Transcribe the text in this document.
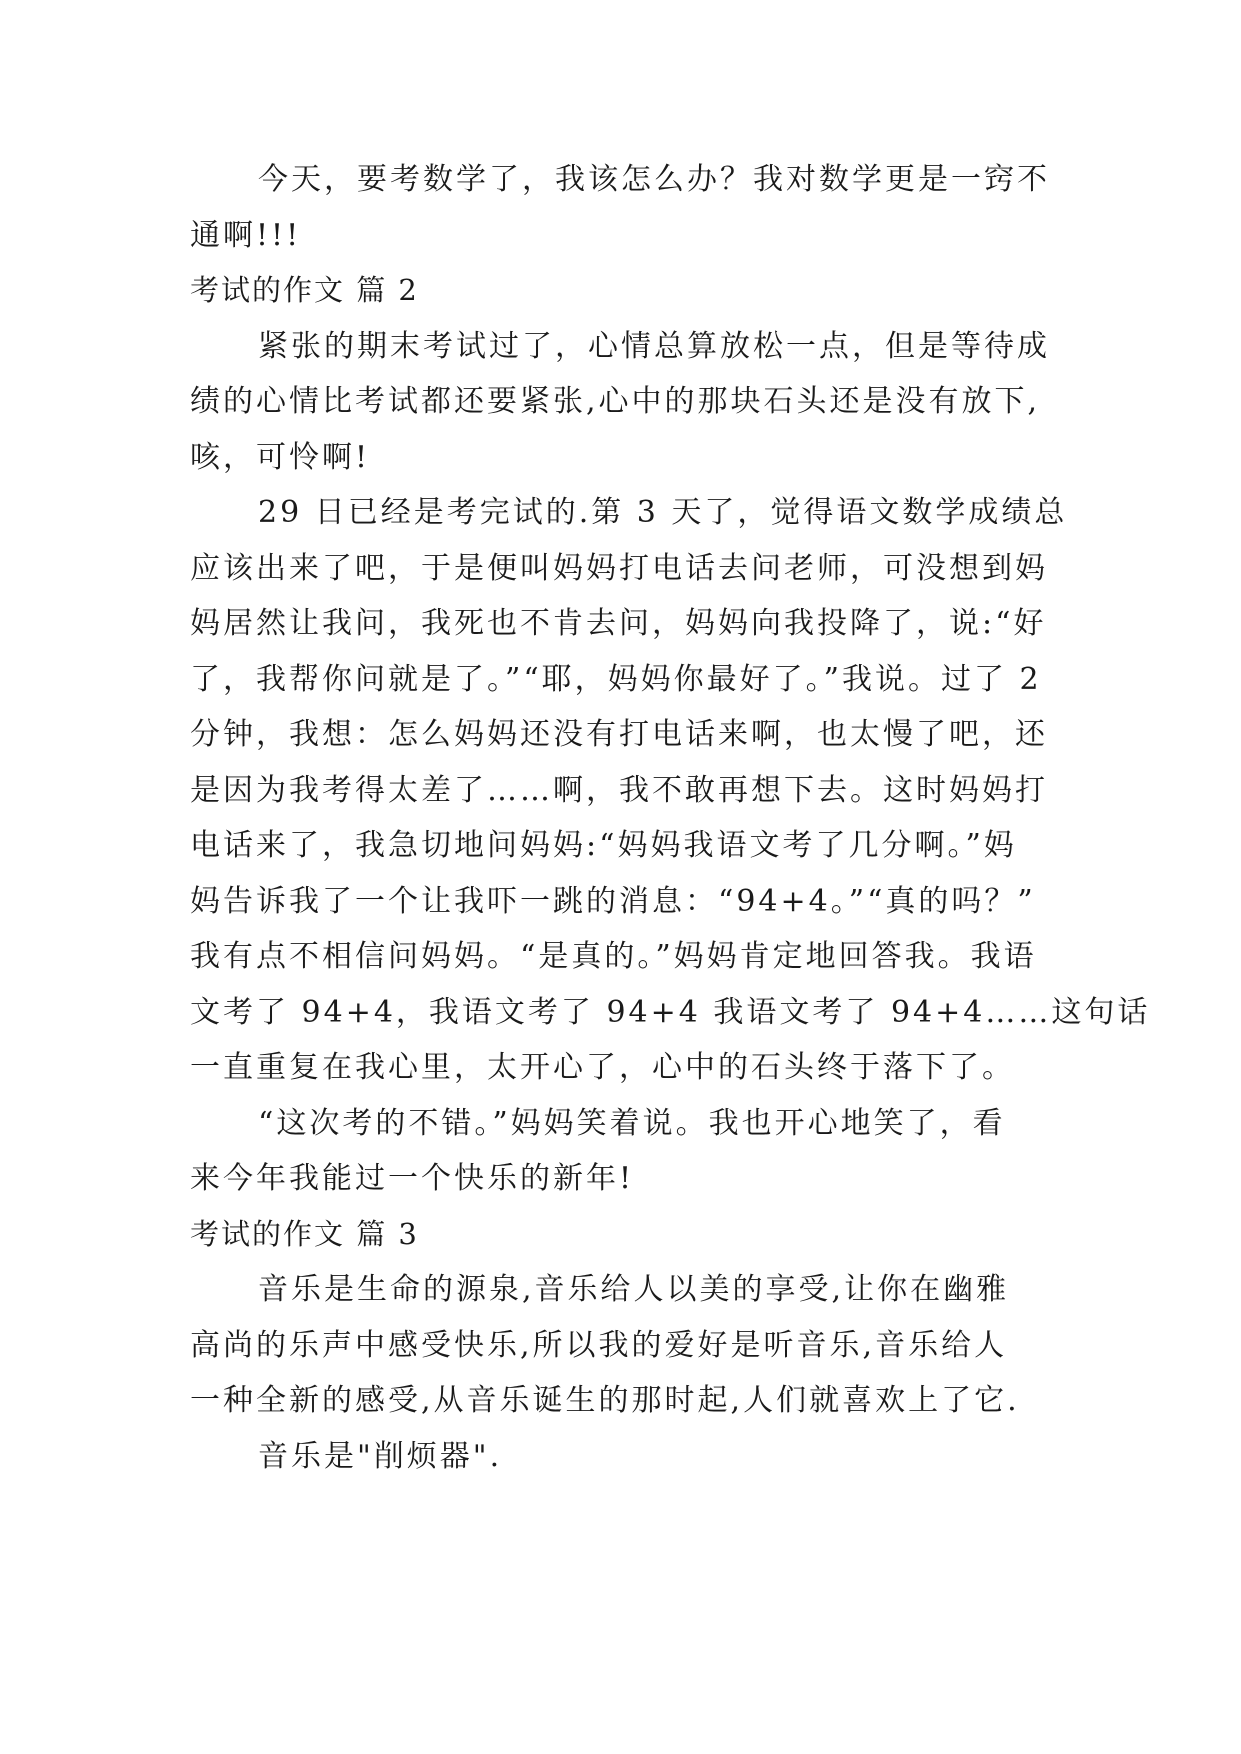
今天，要考数学了，我该怎么办？我对数学更是一窍不
通啊!!!
考试的作文 篇 2
紧张的期末考试过了，心情总算放松一点，但是等待成
绩的心情比考试都还要紧张,心中的那块石头还是没有放下,
咳，可怜啊!
29 日已经是考完试的.第 3 天了，觉得语文数学成绩总
应该出来了吧，于是便叫妈妈打电话去问老师，可没想到妈
妈居然让我问，我死也不肯去问，妈妈向我投降了，说:“好
了，我帮你问就是了。”“耶，妈妈你最好了。”我说。过了 2
分钟，我想：怎么妈妈还没有打电话来啊，也太慢了吧，还
是因为我考得太差了……啊，我不敢再想下去。这时妈妈打
电话来了，我急切地问妈妈:“妈妈我语文考了几分啊。”妈
妈告诉我了一个让我吓一跳的消息：“94+4。”“真的吗？”
我有点不相信问妈妈。“是真的。”妈妈肯定地回答我。我语
文考了 94+4，我语文考了 94+4 我语文考了 94+4……这句话
一直重复在我心里，太开心了，心中的石头终于落下了。
“这次考的不错。”妈妈笑着说。我也开心地笑了，看
来今年我能过一个快乐的新年!
考试的作文 篇 3
音乐是生命的源泉,音乐给人以美的享受,让你在幽雅
高尚的乐声中感受快乐,所以我的爱好是听音乐,音乐给人
一种全新的感受,从音乐诞生的那时起,人们就喜欢上了它.
音乐是"削烦器".
